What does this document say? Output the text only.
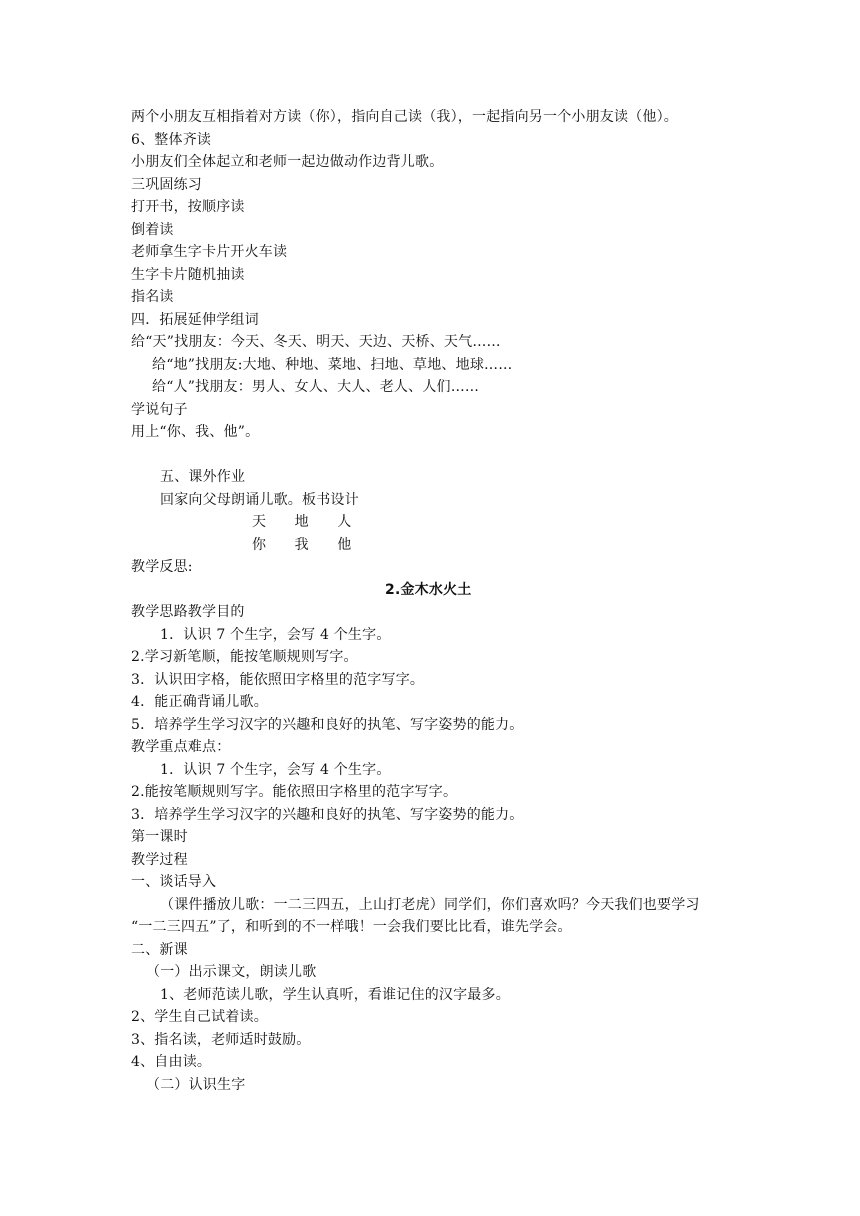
两个小朋友互相指着对方读（你），指向自己读（我），一起指向另一个小朋友读（他）。
6、整体齐读
小朋友们全体起立和老师一起边做动作边背儿歌。
三巩固练习
打开书，按顺序读
倒着读
老师拿生字卡片开火车读
生字卡片随机抽读
指名读
四．拓展延伸学组词
给“天”找朋友：今天、冬天、明天、天边、天桥、天气……
给“地”找朋友:大地、种地、菜地、扫地、草地、地球……
给“人”找朋友：男人、女人、大人、老人、人们……
学说句子
用上“你、我、他”。
五、课外作业
回家向父母朗诵儿歌。板书设计
天　　地　　人
你　　我　　他
教学反思:
2.金木水火土
教学思路教学目的
1．认识 7 个生字，会写 4 个生字。
2.学习新笔顺，能按笔顺规则写字。
3．认识田字格，能依照田字格里的范字写字。
4．能正确背诵儿歌。
5．培养学生学习汉字的兴趣和良好的执笔、写字姿势的能力。
教学重点难点：
1．认识 7 个生字，会写 4 个生字。
2.能按笔顺规则写字。能依照田字格里的范字写字。
3．培养学生学习汉字的兴趣和良好的执笔、写字姿势的能力。
第一课时
教学过程
一、谈话导入
（课件播放儿歌：一二三四五，上山打老虎）同学们，你们喜欢吗？今天我们也要学习
“一二三四五”了，和听到的不一样哦！一会我们要比比看，谁先学会。
二、新课
（一）出示课文，朗读儿歌
1、老师范读儿歌，学生认真听，看谁记住的汉字最多。
2、学生自己试着读。
3、指名读，老师适时鼓励。
4、自由读。
（二）认识生字
